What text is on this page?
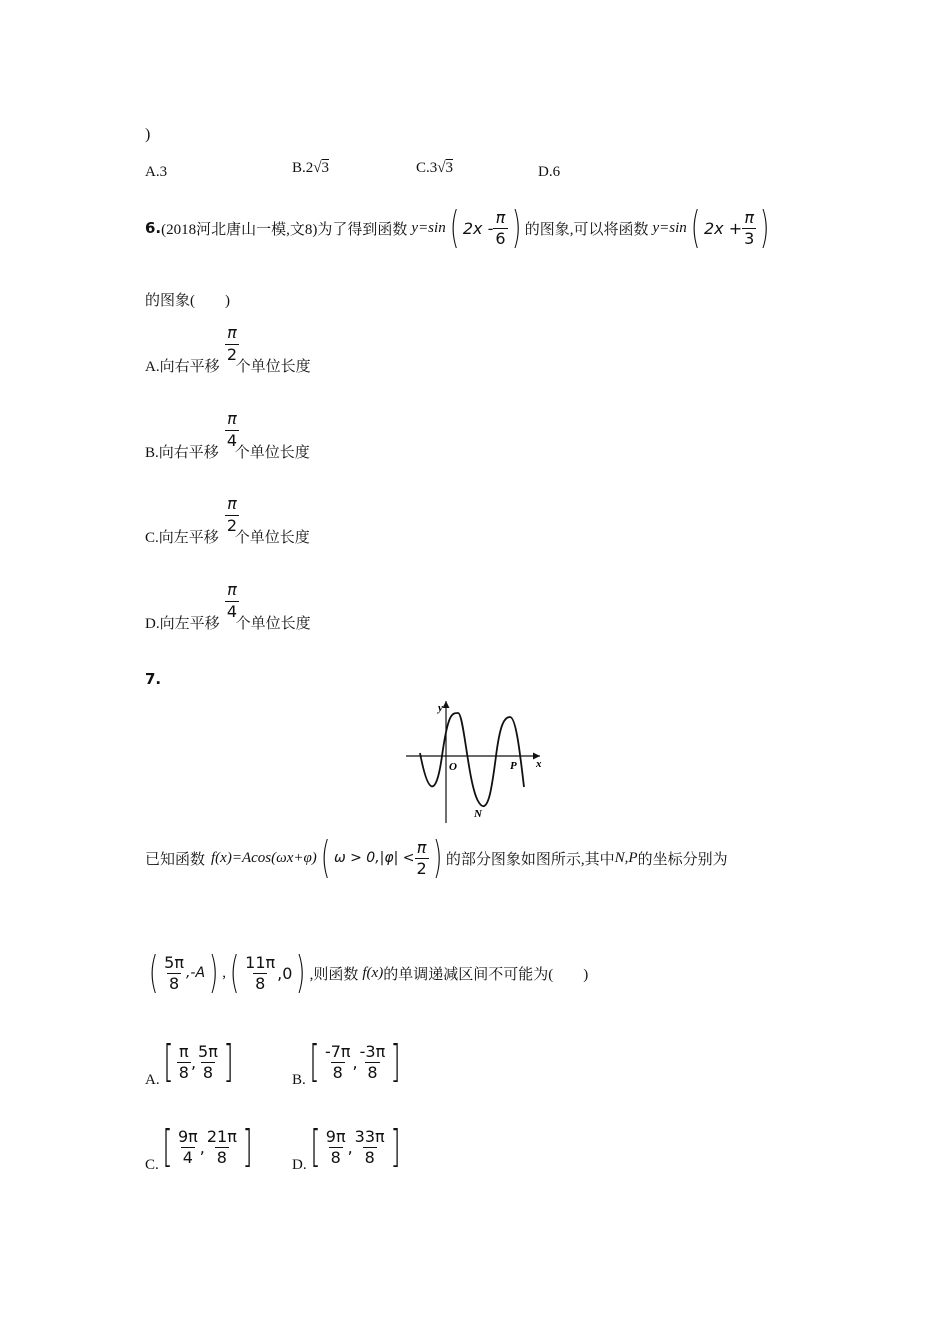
)
A.3	B.2√3	C.3√3	D.6
6. (2018河北唐山一模,文8) 为了得到函数 y=sin ( $2x - \frac{\pi}{6}$ ) 的图象,可以将函数 y=sin ( $2x + \frac{\pi}{3}$ )
的图象(　　)
A.向右平移 个单位长度
π
2
B.向右平移 个单位长度
π
4
C.向左平移 个单位长度
π
2
D.向左平移 个单位长度
π
4
7.
y
x
O	P
N
已知函数 f(x)=Acos(ωx+φ) ( $\omega > 0,|\varphi| < \frac{\pi}{2}$ ) 的部分图象如图所示,其中 N,P 的坐标分别为
( $\frac{5\pi}{8} ,-A$ ) , ( $\frac{11\pi}{8} ,0$ ) ,则函数 f(x) 的单调递减区间不可能为(　　)
A. [ $\frac{\pi}{8}$ , $\frac{5\pi}{8}$ ]	B. [ $\frac{-7\pi}{8}$ , $\frac{-3\pi}{8}$ ]
C. [ $\frac{9\pi}{4}$ , $\frac{21\pi}{8}$ ]	D. [ $\frac{9\pi}{8}$ , $\frac{33\pi}{8}$ ]
